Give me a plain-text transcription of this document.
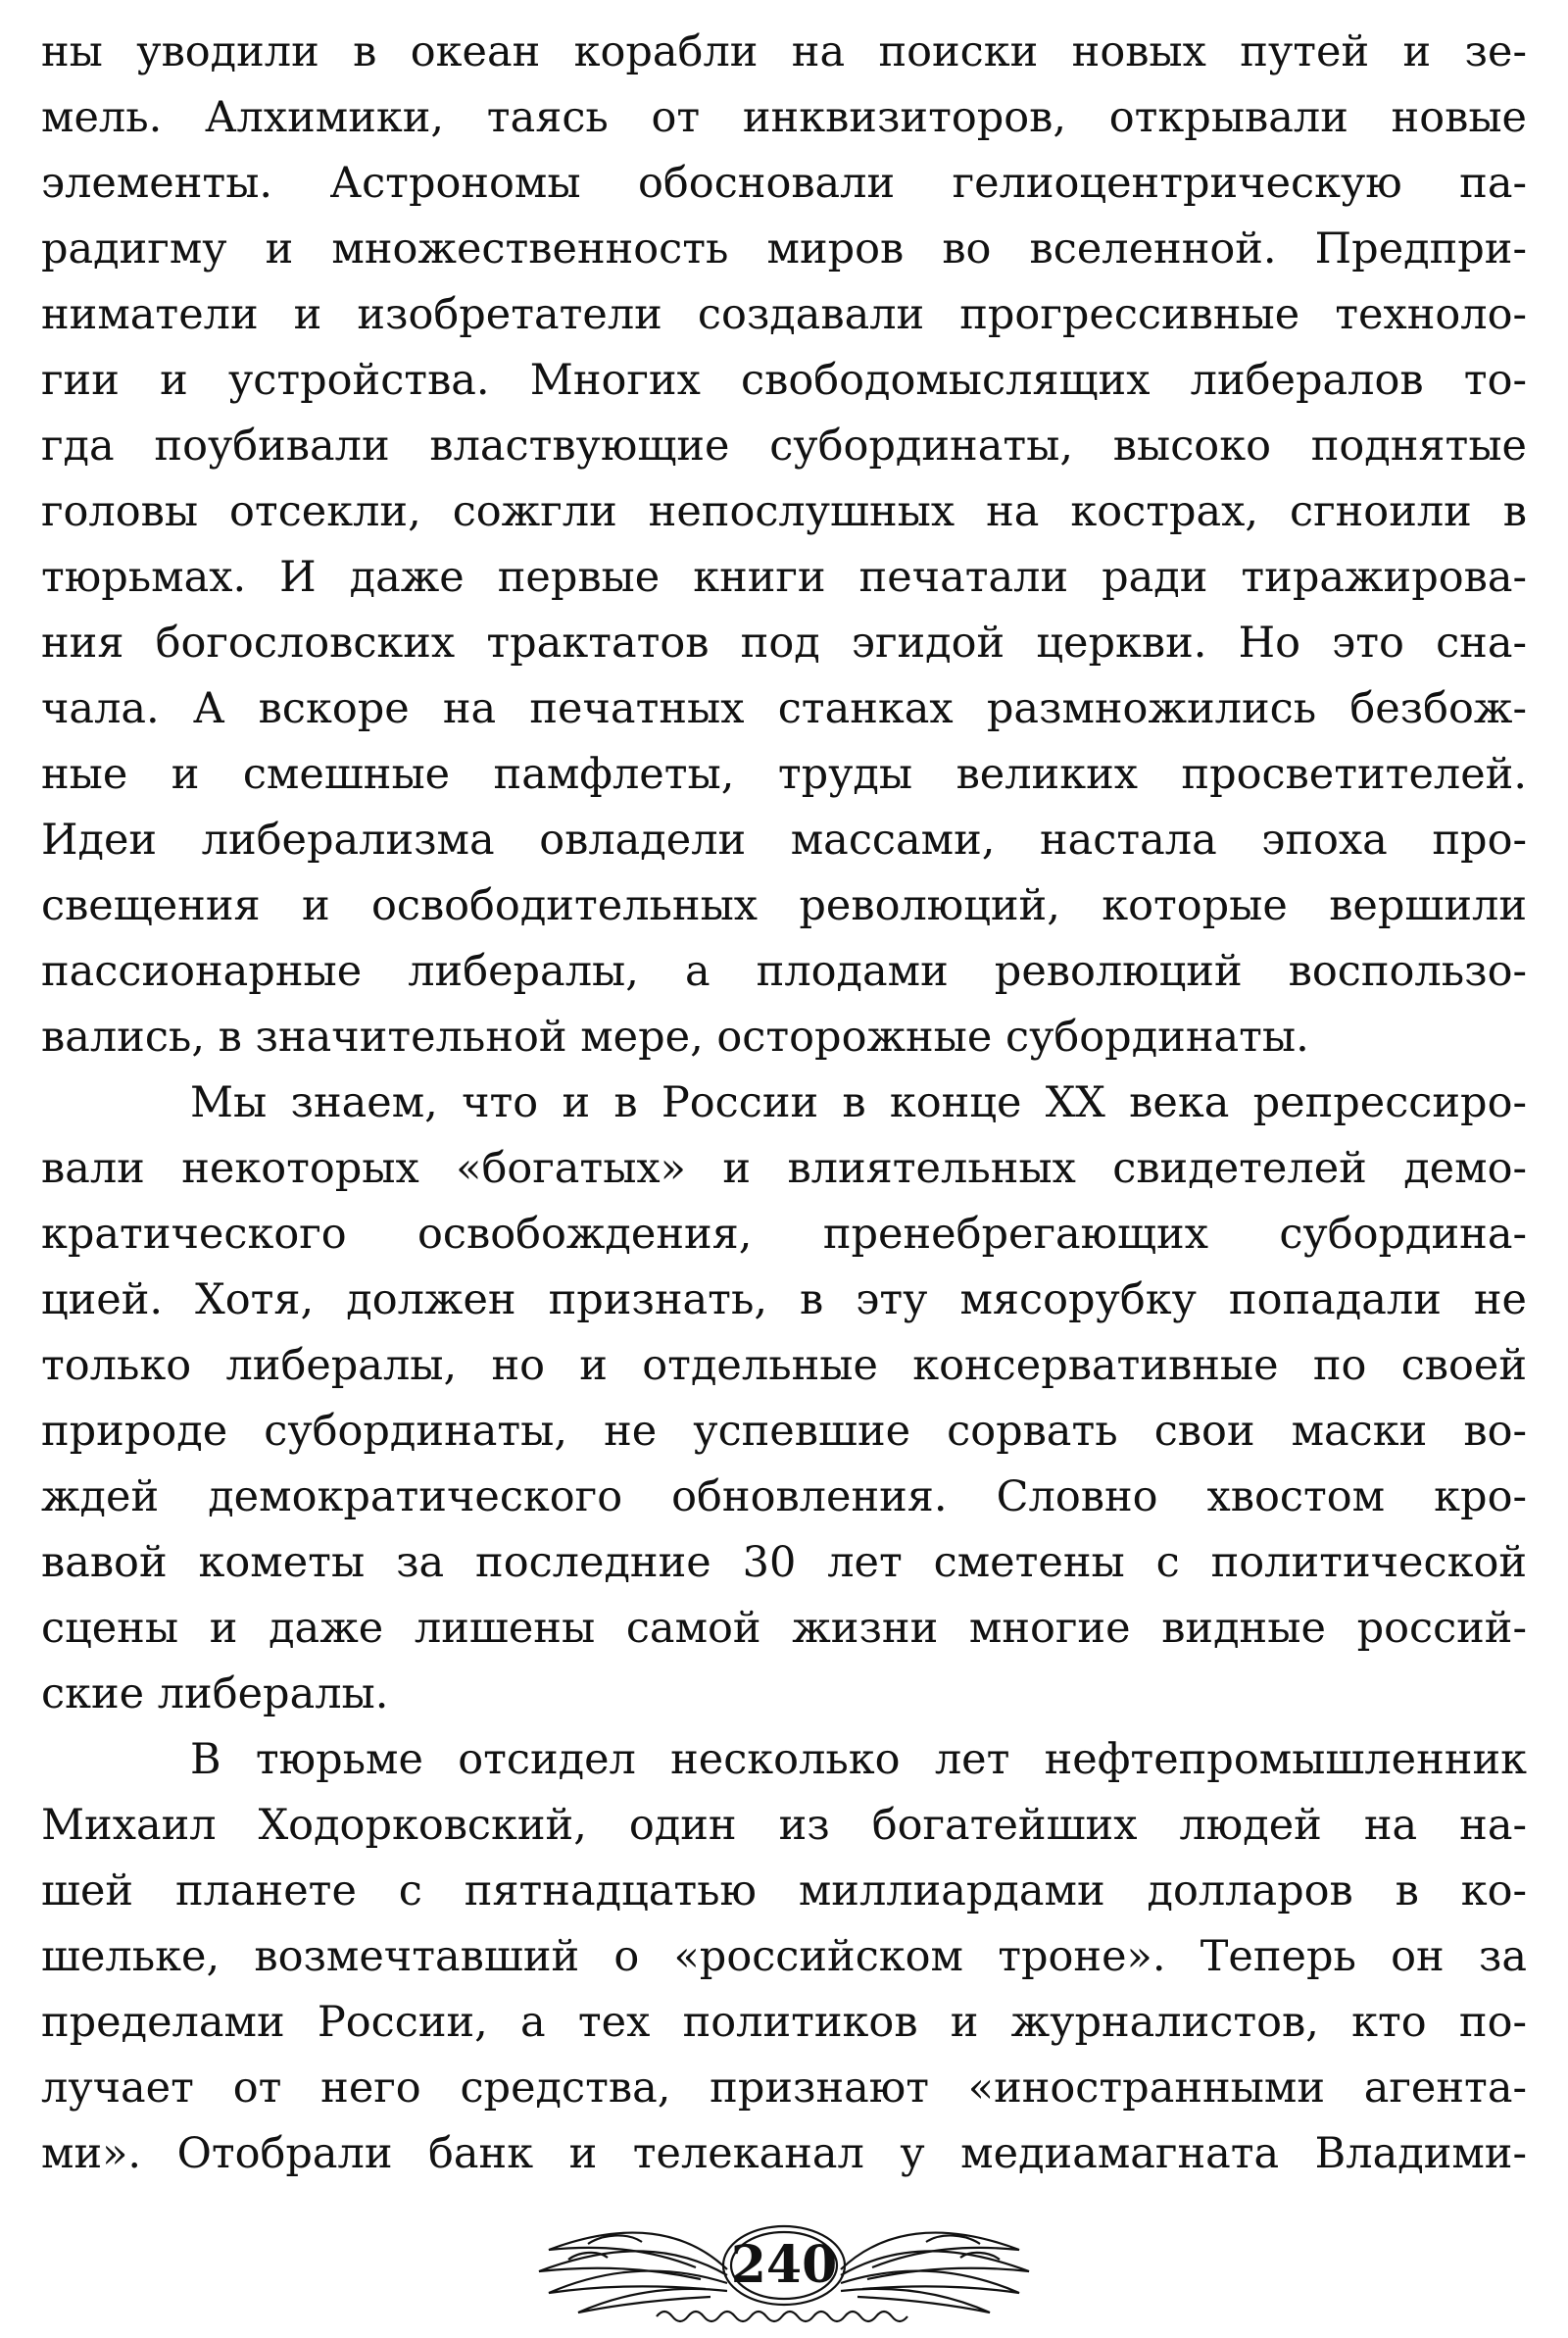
ны уводили в океан корабли на поиски новых путей и зе-
мель. Алхимики, таясь от инквизиторов, открывали новые
элементы. Астрономы обосновали гелиоцентрическую па-
радигму и множественность миров во вселенной. Предпри-
ниматели и изобретатели создавали прогрессивные техноло-
гии и устройства. Многих свободомыслящих либералов то-
гда поубивали властвующие субординаты, высоко поднятые
головы отсекли, сожгли непослушных на кострах, сгноили в
тюрьмах. И даже первые книги печатали ради тиражирова-
ния богословских трактатов под эгидой церкви. Но это сна-
чала. А вскоре на печатных станках размножились безбож-
ные и смешные памфлеты, труды великих просветителей.
Идеи либерализма овладели массами, настала эпоха про-
свещения и освободительных революций, которые вершили
пассионарные либералы, а плодами революций воспользо-
вались, в значительной мере, осторожные субординаты.
Мы знаем, что и в России в конце XX века репрессиро-
вали некоторых «богатых» и влиятельных свидетелей демо-
кратического освобождения, пренебрегающих субордина-
цией. Хотя, должен признать, в эту мясорубку попадали не
только либералы, но и отдельные консервативные по своей
природе субординаты, не успевшие сорвать свои маски во-
ждей демократического обновления. Словно хвостом кро-
вавой кометы за последние 30 лет сметены с политической
сцены и даже лишены самой жизни многие видные россий-
ские либералы.
В тюрьме отсидел несколько лет нефтепромышленник
Михаил Ходорковский, один из богатейших людей на на-
шей планете с пятнадцатью миллиардами долларов в ко-
шельке, возмечтавший о «российском троне». Теперь он за
пределами России, а тех политиков и журналистов, кто по-
лучает от него средства, признают «иностранными агента-
ми». Отобрали банк и телеканал у медиамагната Владими-
240
